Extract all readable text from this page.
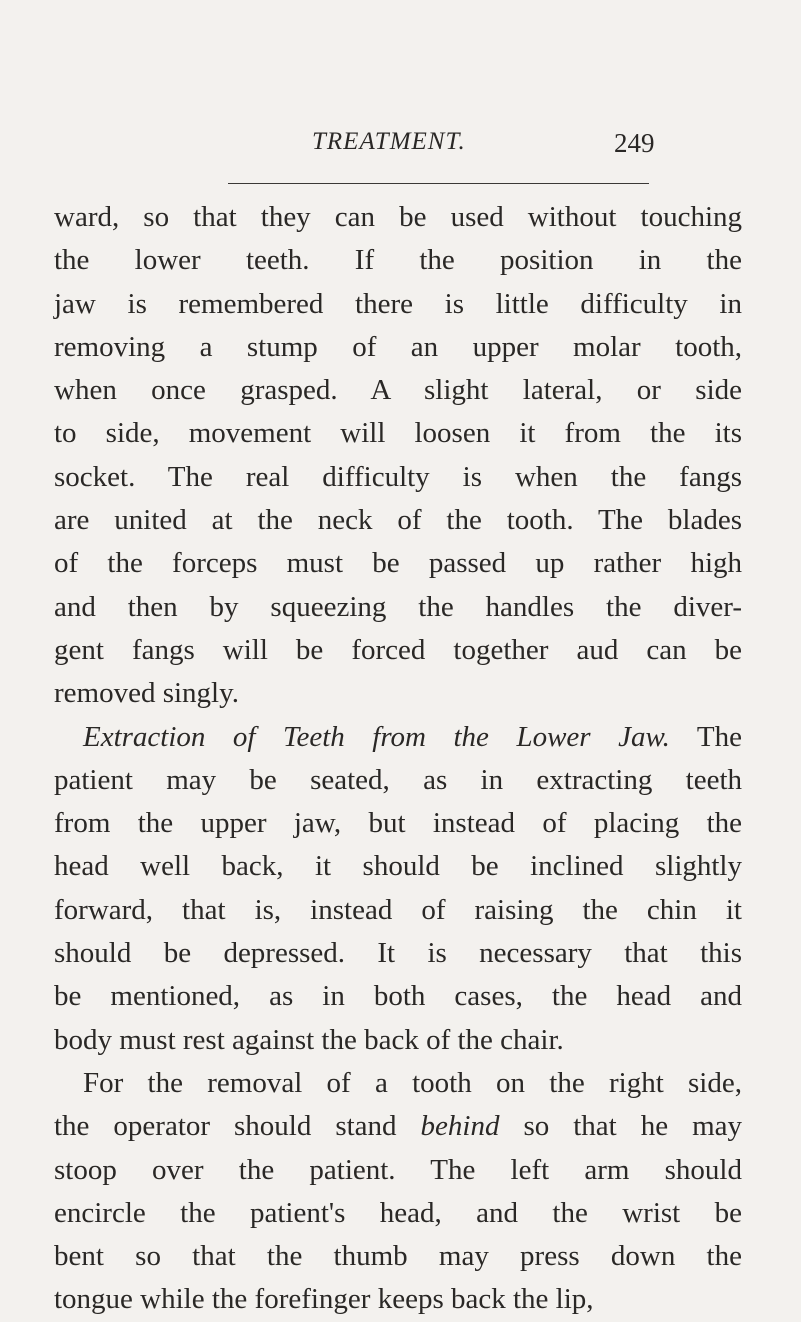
TREATMENT.	249
ward, so that they can be used without touching
the lower teeth. If the position in the
jaw is remembered there is little difficulty in
removing a stump of an upper molar tooth,
when once grasped. A slight lateral, or side
to side, movement will loosen it from the its
socket. The real difficulty is when the fangs
are united at the neck of the tooth. The blades
of the forceps must be passed up rather high
and then by squeezing the handles the diver-
gent fangs will be forced together aud can be
removed singly.
Extraction of Teeth from the Lower Jaw. The
patient may be seated, as in extracting teeth
from the upper jaw, but instead of placing the
head well back, it should be inclined slightly
forward, that is, instead of raising the chin it
should be depressed. It is necessary that this
be mentioned, as in both cases, the head and
body must rest against the back of the chair.
For the removal of a tooth on the right side,
the operator should stand behind so that he may
stoop over the patient. The left arm should
encircle the patient's head, and the wrist be
bent so that the thumb may press down the
tongue while the forefinger keeps back the lip,
